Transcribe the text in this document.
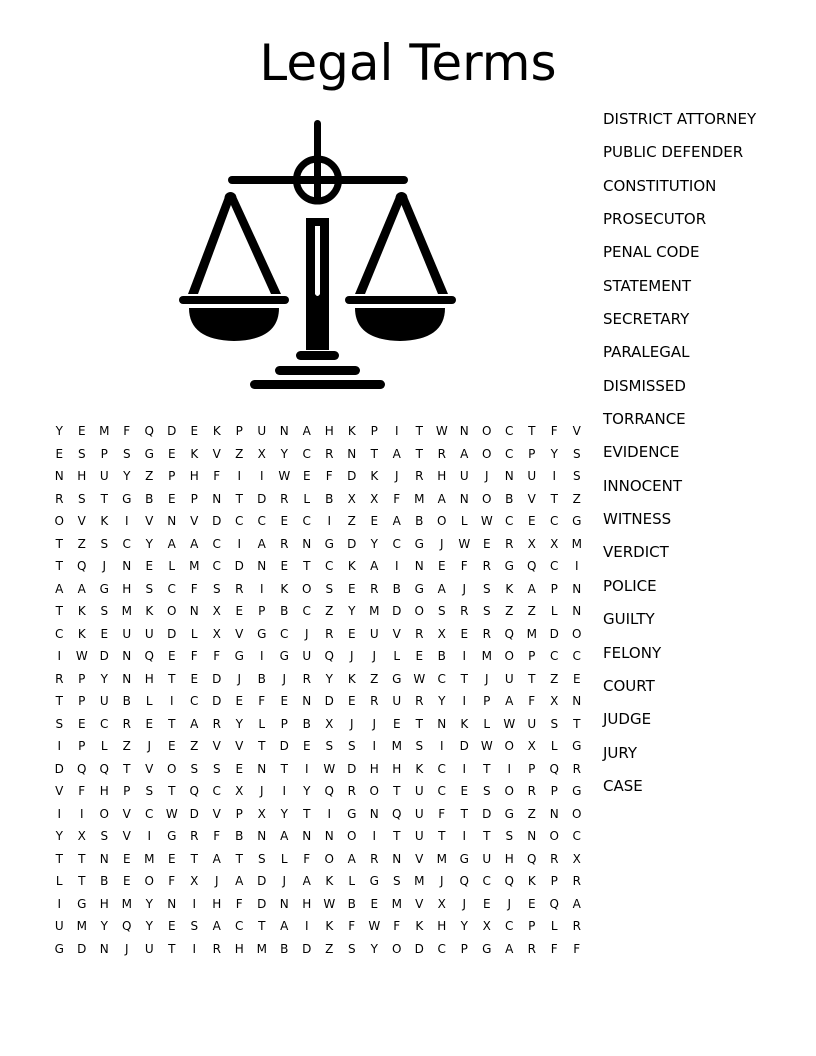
Legal Terms
DISTRICT ATTORNEY
PUBLIC DEFENDER
CONSTITUTION
PROSECUTOR
PENAL CODE
STATEMENT
SECRETARY
PARALEGAL
DISMISSED
TORRANCE
EVIDENCE
INNOCENT
WITNESS
VERDICT
POLICE
GUILTY
FELONY
COURT
JUDGE
JURY
CASE
Y	E	M	F	Q	D	E	K	P	U	N	A	H	K	P	I	T	W	N	O	C	T	F	V
E	S	P	S	G	E	K	V	Z	X	Y	C	R	N	T	A	T	R	A	O	C	P	Y	S
N	H	U	Y	Z	P	H	F	I	I	W	E	F	D	K	J	R	H	U	J	N	U	I	S
R	S	T	G	B	E	P	N	T	D	R	L	B	X	X	F	M	A	N	O	B	V	T	Z
O	V	K	I	V	N	V	D	C	C	E	C	I	Z	E	A	B	O	L	W	C	E	C	G
T	Z	S	C	Y	A	A	C	I	A	R	N	G	D	Y	C	G	J	W	E	R	X	X	M
T	Q	J	N	E	L	M	C	D	N	E	T	C	K	A	I	N	E	F	R	G	Q	C	I
A	A	G	H	S	C	F	S	R	I	K	O	S	E	R	B	G	A	J	S	K	A	P	N
T	K	S	M	K	O	N	X	E	P	B	C	Z	Y	M	D	O	S	R	S	Z	Z	L	N
C	K	E	U	U	D	L	X	V	G	C	J	R	E	U	V	R	X	E	R	Q	M	D	O
I	W D	N	Q	E	F	F	G	I	G	U	Q	J	J	L	E	B	I	M	O	P	C	C
R	P	Y	N	H	T	E	D	J	B	J	R	Y	K	Z	G W	C	T	J	U	T	Z	E
T	P	U	B	L	I	C	D	E	F	E	N	D	E	R	U	R	Y	I	P	A	F	X	N
S	E	C	R	E	T	A	R	Y	L	P	B	X	J	J	E	T	N	K	L	W	U	S	T
I	P	L	Z	J	E	Z	V	V	T	D	E	S	S	I	M	S	I	D W O	X	L	G
D	Q	Q	T	V	O	S	S	E	N	T	I	W D	H	H	K	C	I	T	I	P	Q	R
V	F	H	P	S	T	Q	C	X	J	I	Y	Q	R	O	T	U	C	E	S	O	R	P	G
I	I	O	V	C	W D	V	P	X	Y	T	I	G	N	Q	U	F	T	D	G	Z	N	O
Y	X	S	V	I	G	R	F	B	N	A	N	N	O	I	T	U	T	I	T	S	N	O	C
T	T	N	E	M	E	T	A	T	S	L	F	O	A	R	N	V	M	G	U	H	Q	R	X
L	T	B	E	O	F	X	J	A	D	J	A	K	L	G	S	M	J	Q	C	Q	K	P	R
I	G	H	M	Y	N	I	H	F	D	N	H	W	B	E	M	V	X	J	E	J	E	Q	A
U	M	Y	Q	Y	E	S	A	C	T	A	I	K	F	W	F	K	H	Y	X	C	P	L	R
G	D	N	J	U	T	I	R	H	M	B	D	Z	S	Y	O	D	C	P	G	A	R	F	F
